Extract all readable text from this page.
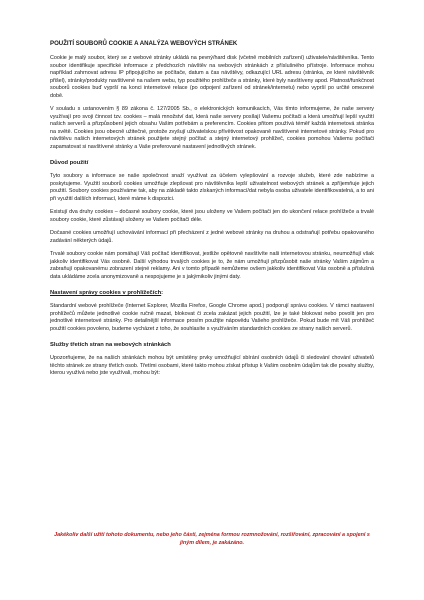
POUŽITÍ SOUBORŮ COOKIE A ANALÝZA WEBOVÝCH STRÁNEK

Cookie je malý soubor, který se z webové stránky ukládá na pevný/hard disk (včetně mobilních zařízení) uživatele/návštěvníka. Tento soubor identifikuje specifické informace z předchozích návštěv na webových stránkách z příslušného přístroje. Informace mohou například zahrnovat adresu IP připojujícího se počítače, datum a čas návštěvy, odkazující URL adresu (stránka, ze které návštěvník přišel), stránky/produkty navštívené na našem webu, typ použitého prohlížeče a stránky, které byly navštíveny apod. Platnost/funkčnost souborů cookies buď vyprší na konci internetové relace (po odpojení zařízení od stránek/internetu) nebo vyprší po určité omezené době.

V souladu s ustanovením § 89 zákona č. 127/2005 Sb., o elektronických komunikacích, Vás tímto informujeme, že naše servery využívají pro svoji činnost tzv. cookies – malá množství dat, která naše servery posílají Vašemu počítači a která umožňují lepší využití našich serverů a přizpůsobení jejich obsahu Vašim potřebám a preferencím. Cookies přitom používá téměř každá internetová stránka na světě. Cookies jsou obecně užitečné, protože zvyšují uživatelskou přívětivost opakovaně navštívené internetové stránky. Pokud pro návštěvu našich internetových stránek použijete stejný počítač a stejný internetový prohlížeč, cookies pomohou Vašemu počítači zapamatovat si navštívené stránky a Vaše preferované nastavení jednotlivých stránek.

Důvod použití

Tyto soubory a informace se naše společnost snaží využívat za účelem vylepšování a rozvoje služeb, které zde nabízíme a poskytujeme. Využití souborů cookies umožňuje zlepšovat pro návštěvníka lepší uživatelnost webových stránek a zpříjemňuje jejich použití. Soubory cookies používáme tak, aby na základě takto získaných informací/dat nebyla osoba uživatele identifikovatelná, a to ani při využití dalších informací, které máme k dispozici.

Existují dva druhy cookies – dočasné soubory cookie, které jsou uloženy ve Vašem počítači jen do ukončení relace prohlížeče a trvalé soubory cookie, které zůstávají uloženy ve Vašem počítači déle.

Dočasné cookies umožňují uchovávání informací při přecházení z jedné webové stránky na druhou a odstraňují potřebu opakovaného zadávání některých údajů.

Trvalé soubory cookie nám pomáhají Váš počítač identifikovat, jestliže opětovně navštívíte naši internetovou stránku, neumožňují však jakkoliv identifikovat Vás osobně. Další výhodou trvalých cookies je to, že nám umožňují přizpůsobit naše stránky Vašim zájmům a zabraňují opakovanému zobrazení stejné reklamy. Ani v tomto případě nemůžeme ovšem jakkoliv identifikovat Vás osobně a příslušná data ukládáme zcela anonymizovaně a nespojujeme je s jakýmikoliv jinými daty.

Nastavení správy cookies v prohlížečích:

Standardní webové prohlížeče (Internet Explorer, Mozilla Firefox, Google Chrome apod.) podporují správu cookies. V rámci nastavení prohlížečů můžete jednotlivé cookie ručně mazat, blokovat či zcela zakázat jejich použití, lze je také blokovat nebo povolit jen pro jednotlivé internetové stránky. Pro detailnější informace prosím použijte nápovědu Vašeho prohlížeče. Pokud bude mít Váš prohlížeč použití cookies povoleno, budeme vycházet z toho, že souhlasíte s využíváním standardních cookies ze strany našich serverů.

Služby třetích stran na webových stránkách

Upozorňujeme, že na našich stránkách mohou být umístěny prvky umožňující sbírání osobních údajů či sledování chování uživatelů těchto stránek ze strany třetích osob. Třetími osobami, které takto mohou získat přístup k Vašim osobním údajům tak dle povahy služby, kterou využívá nebo jste využívali, mohou být:

Jakékoliv další užití tohoto dokumentu, nebo jeho části, zejména formou rozmnožování, rozšiřování, zpracování a spojení s jiným dílem, je zakázáno.
